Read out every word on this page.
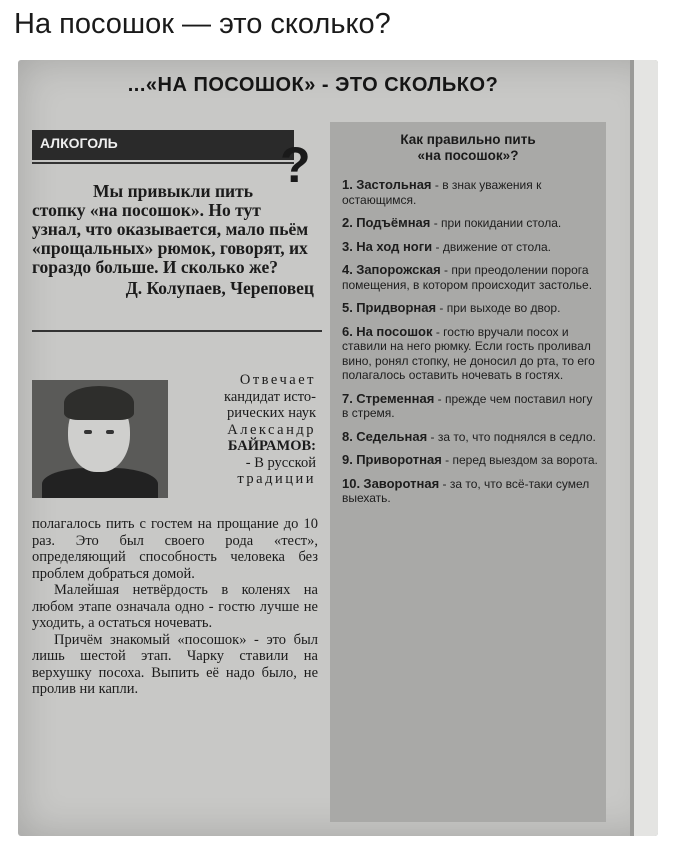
На посошок — это сколько?
...«НА ПОСОШОК» - ЭТО СКОЛЬКО?
АЛКОГОЛЬ	?
Мы привыкли пить
стопку «на посошок». Но тут узнал, что оказывается, мало пьём «прощальных» рюмок, говорят, их гораздо больше. И сколько же?
Д. Колупаев, Череповец
Отвечает
кандидат исто-
рических наук
Александр
БАЙРАМОВ:
- В русской
традиции

полагалось пить с гостем на прощание до 10 раз. Это был своего рода «тест», определяющий способность человека без проблем добраться домой.

Малейшая нетвёрдость в коленях на любом этапе означала одно - гостю лучше не уходить, а остаться ночевать.

Причём знакомый «посошок» - это был лишь шестой этап. Чарку ставили на верхушку посоха. Выпить её надо было, не пролив ни капли.

Как правильно пить
«на посошок»?
1. Застольная - в знак уважения к остающимся.
2. Подъёмная - при покидании стола.
3. На ход ноги - движение от стола.
4. Запорожская - при преодолении порога помещения, в котором происходит застолье.
5. Придворная - при выходе во двор.
6. На посошок - гостю вручали посох и ставили на него рюмку. Если гость проливал вино, ронял стопку, не доносил до рта, то его полагалось оставить ночевать в гостях.
7. Стременная - прежде чем поставил ногу в стремя.
8. Седельная - за то, что поднялся в седло.
9. Приворотная - перед выездом за ворота.
10. Заворотная - за то, что всё-таки сумел выехать.
